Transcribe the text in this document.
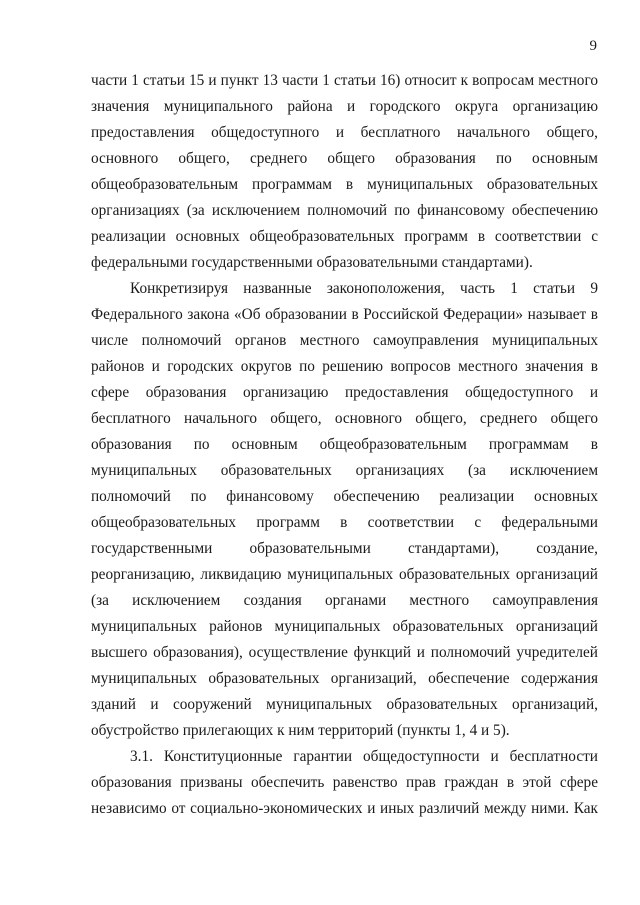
9
части 1 статьи 15 и пункт 13 части 1 статьи 16) относит к вопросам местного
значения муниципального района и городского округа организацию
предоставления общедоступного и бесплатного начального общего,
основного общего, среднего общего образования по основным
общеобразовательным программам в муниципальных образовательных
организациях (за исключением полномочий по финансовому обеспечению
реализации основных общеобразовательных программ в соответствии с
федеральными государственными образовательными стандартами).
Конкретизируя названные законоположения, часть 1 статьи 9
Федерального закона «Об образовании в Российской Федерации» называет в
числе полномочий органов местного самоуправления муниципальных
районов и городских округов по решению вопросов местного значения в
сфере образования организацию предоставления общедоступного и
бесплатного начального общего, основного общего, среднего общего
образования по основным общеобразовательным программам в
муниципальных образовательных организациях (за исключением
полномочий по финансовому обеспечению реализации основных
общеобразовательных программ в соответствии с федеральными
государственными образовательными стандартами), создание,
реорганизацию, ликвидацию муниципальных образовательных организаций
(за исключением создания органами местного самоуправления
муниципальных районов муниципальных образовательных организаций
высшего образования), осуществление функций и полномочий учредителей
муниципальных образовательных организаций, обеспечение содержания
зданий и сооружений муниципальных образовательных организаций,
обустройство прилегающих к ним территорий (пункты 1, 4 и 5).
3.1. Конституционные гарантии общедоступности и бесплатности
образования призваны обеспечить равенство прав граждан в этой сфере
независимо от социально-экономических и иных различий между ними. Как
